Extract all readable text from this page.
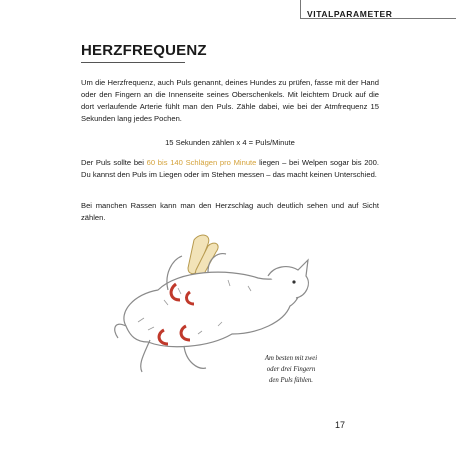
VITALPARAMETER
HERZFREQUENZ
Um die Herzfrequenz, auch Puls genannt, deines Hundes zu prüfen, fasse mit der Hand oder den Fingern an die Innenseite seines Oberschenkels. Mit leichtem Druck auf die dort verlaufende Arterie fühlt man den Puls. Zähle dabei, wie bei der Atmfrequenz 15 Sekunden lang jedes Pochen.
15 Sekunden zählen x 4 = Puls/Minute
Der Puls sollte bei 60 bis 140 Schlägen pro Minute liegen – bei Welpen sogar bis 200. Du kannst den Puls im Liegen oder im Stehen messen – das macht keinen Unterschied.
Bei manchen Rassen kann man den Herzschlag auch deutlich sehen und auf Sicht zählen.
Am besten mit zwei
oder drei Fingern
den Puls fühlen.
17
